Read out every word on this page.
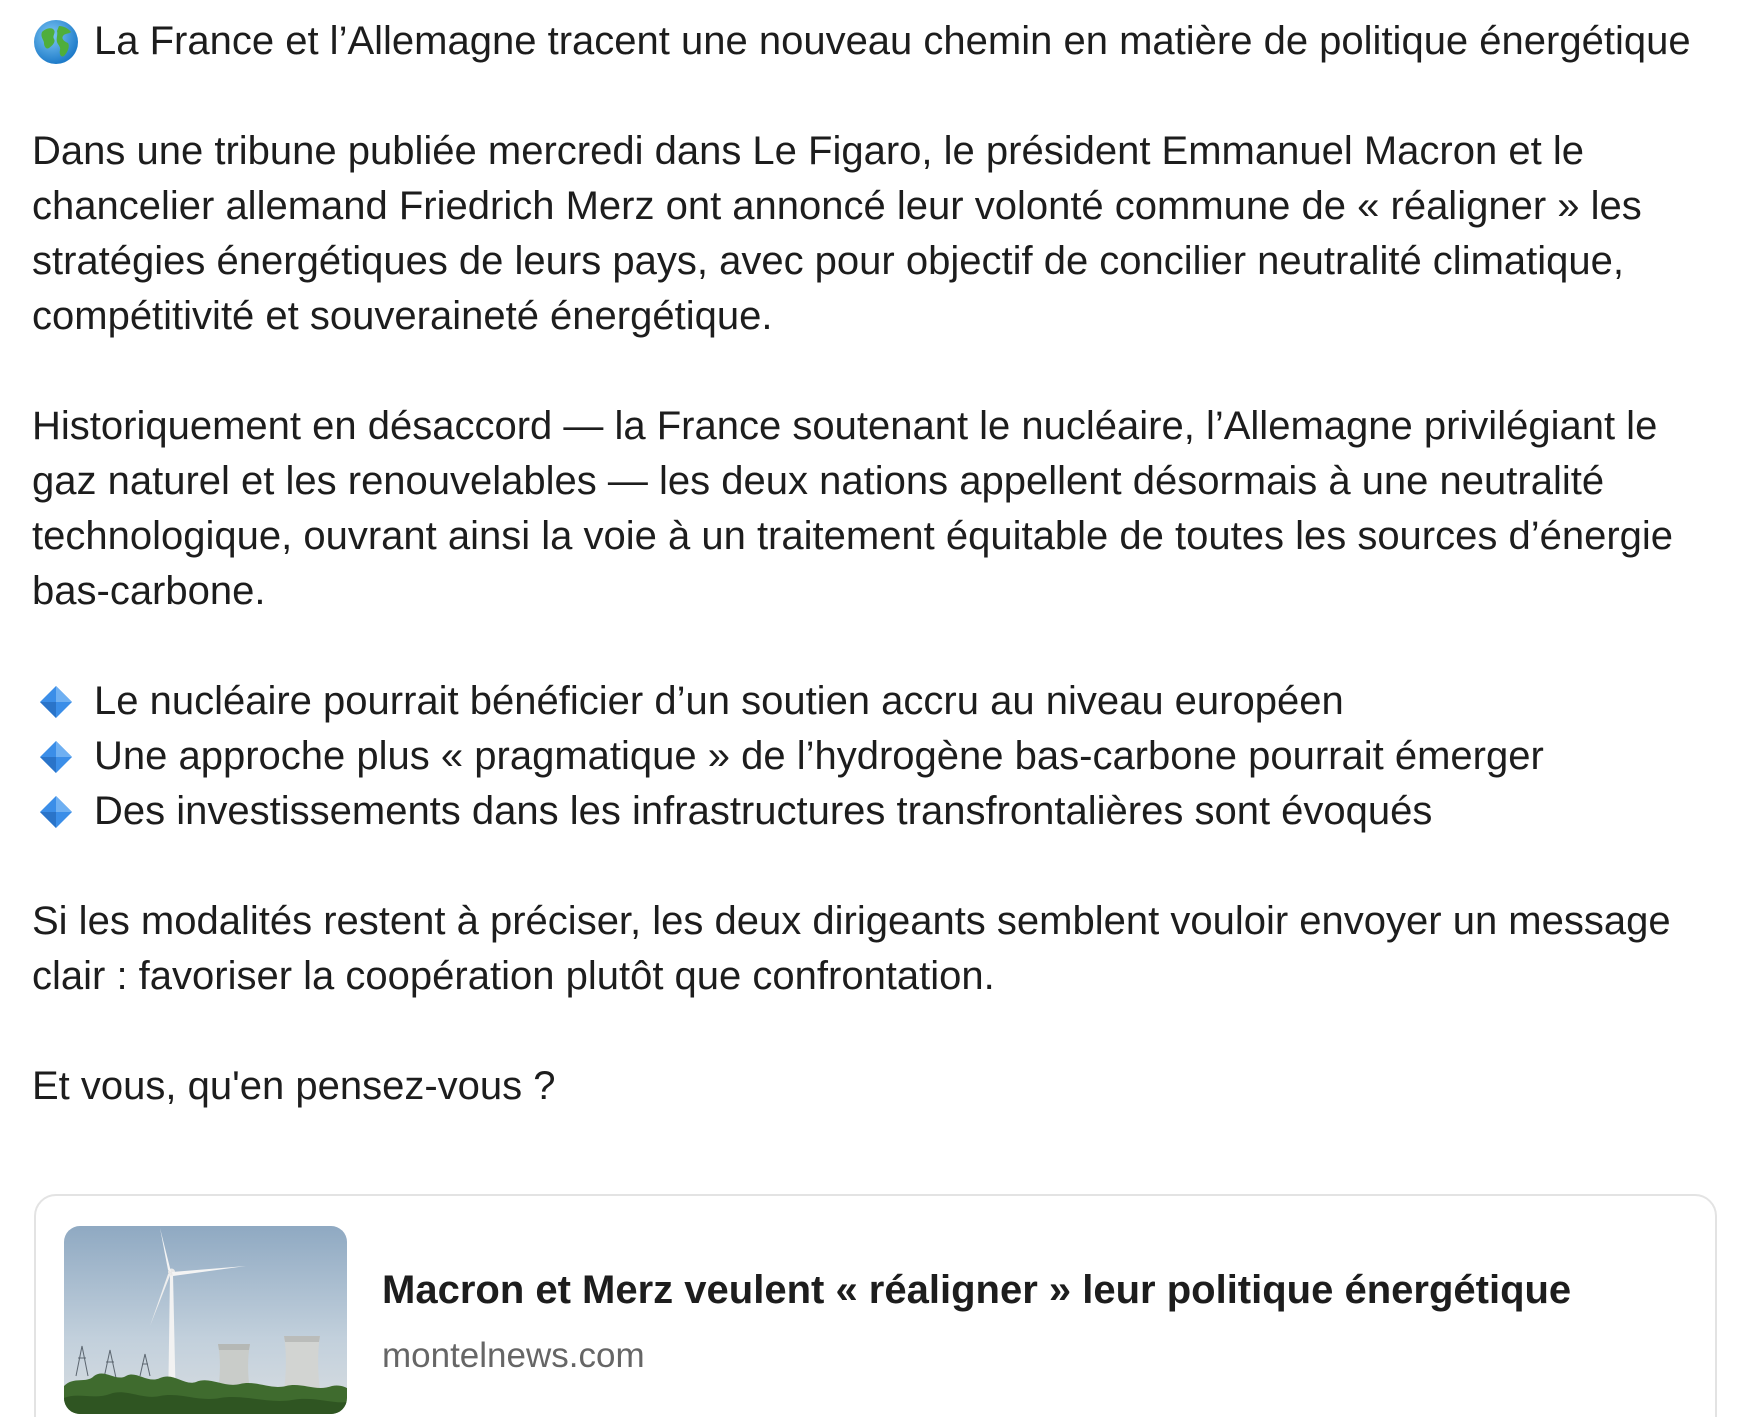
La France et l’Allemagne tracent une nouveau chemin en matière de politique énergétique

Dans une tribune publiée mercredi dans Le Figaro, le président Emmanuel Macron et le chancelier allemand Friedrich Merz ont annoncé leur volonté commune de « réaligner » les stratégies énergétiques de leurs pays, avec pour objectif de concilier neutralité climatique, compétitivité et souveraineté énergétique.

Historiquement en désaccord — la France soutenant le nucléaire, l’Allemagne privilégiant le gaz naturel et les renouvelables — les deux nations appellent désormais à une neutralité technologique, ouvrant ainsi la voie à un traitement équitable de toutes les sources d’énergie bas-carbone.

Le nucléaire pourrait bénéficier d’un soutien accru au niveau européen
Une approche plus « pragmatique » de l’hydrogène bas-carbone pourrait émerger
Des investissements dans les infrastructures transfrontalières sont évoqués

Si les modalités restent à préciser, les deux dirigeants semblent vouloir envoyer un message clair : favoriser la coopération plutôt que confrontation.

Et vous, qu'en pensez-vous ?

Macron et Merz veulent « réaligner » leur politique énergétique
montelnews.com
